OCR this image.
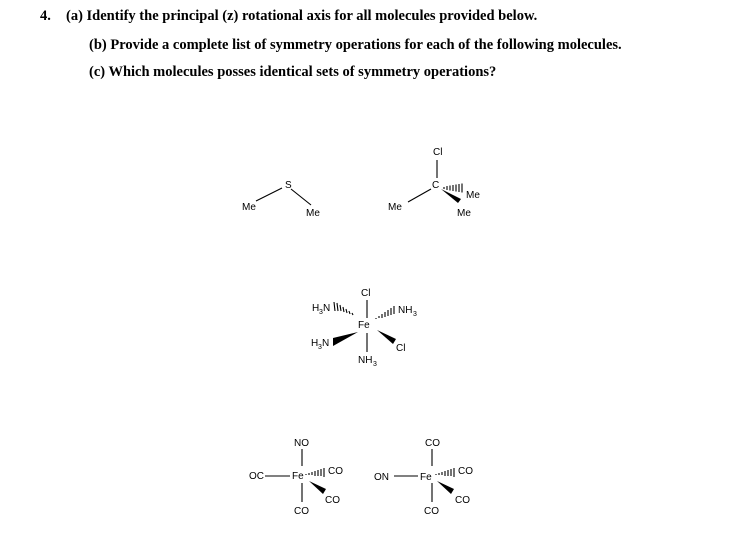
4. (a) Identify the principal (z) rotational axis for all molecules provided below.
(b) Provide a complete list of symmetry operations for each of the following molecules.
(c) Which molecules posses identical sets of symmetry operations?
S
Me
Me
Cl
C
Me
Me
Me
Cl
Fe
H 3 N	NH 3
H 3 N	Cl
NH 3
NO
OC	Fe CO
CO
CO
CO
ON	Fe
CO
CO
CO
